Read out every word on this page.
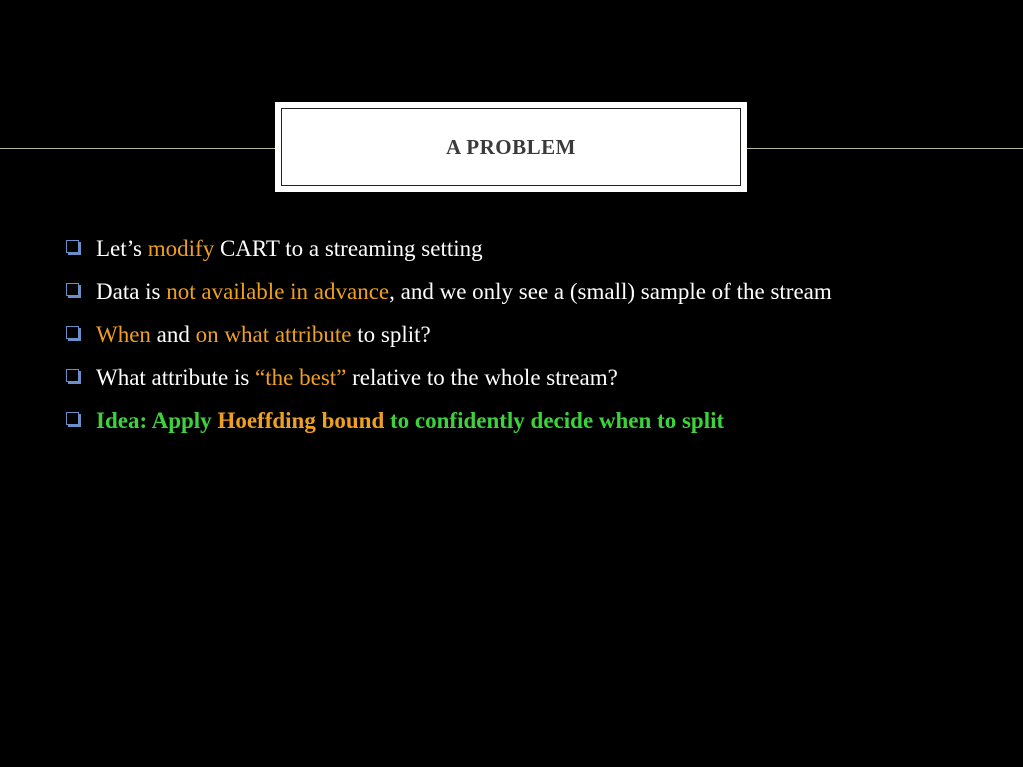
A PROBLEM
Let’s modify CART to a streaming setting
Data is not available in advance, and we only see a (small) sample of the stream
When and on what attribute to split?
What attribute is “the best” relative to the whole stream?
Idea: Apply Hoeffding bound to confidently decide when to split
